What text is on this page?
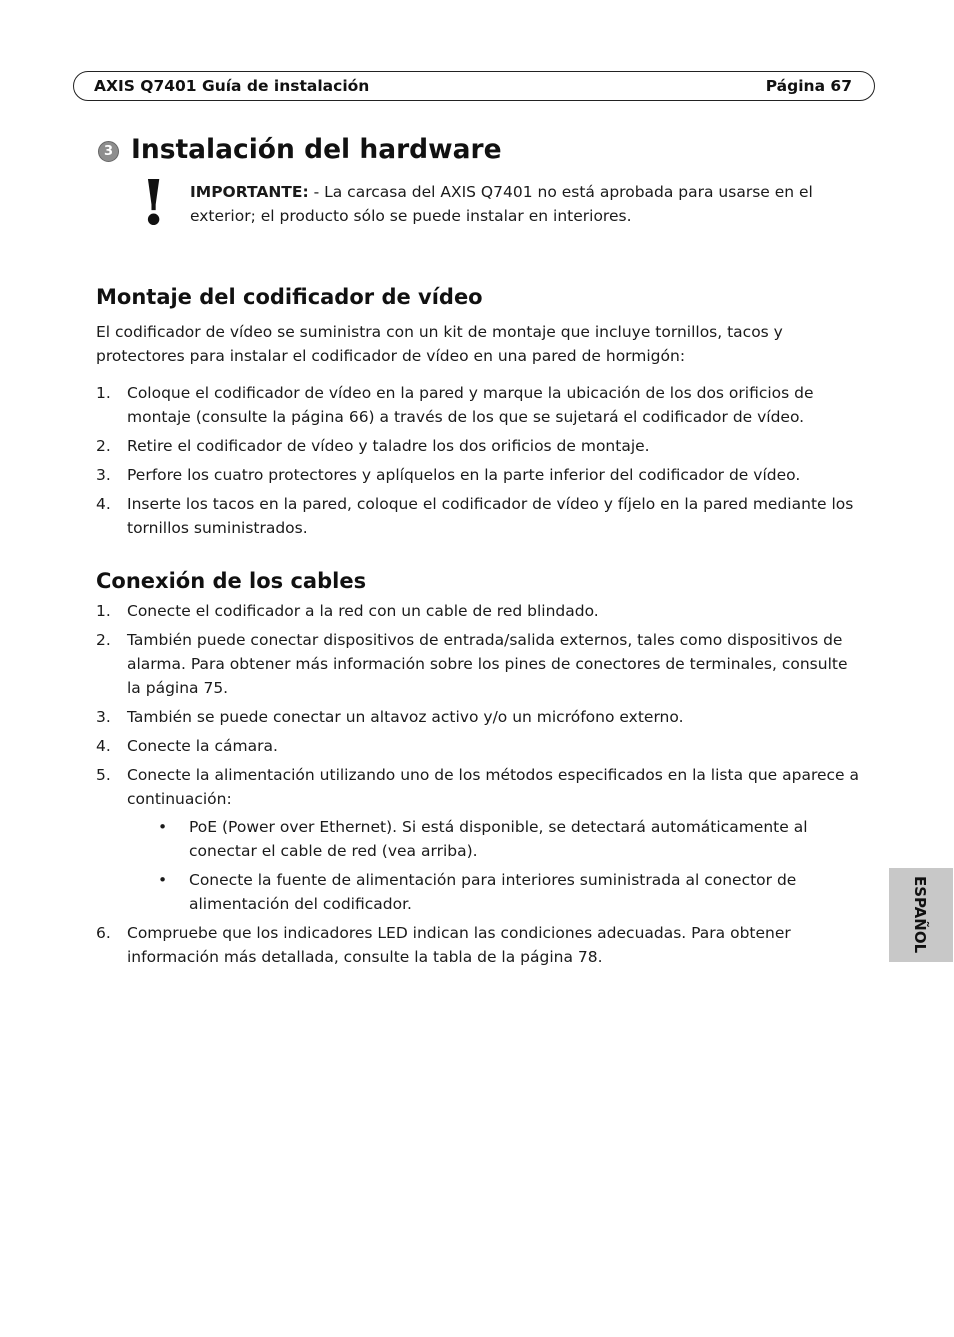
AXIS Q7401 Guía de instalación	Página 67
3 Instalación del hardware
! IMPORTANTE: - La carcasa del AXIS Q7401 no está aprobada para usarse en el exterior; el producto sólo se puede instalar en interiores.
Montaje del codificador de vídeo
El codificador de vídeo se suministra con un kit de montaje que incluye tornillos, tacos y protectores para instalar el codificador de vídeo en una pared de hormigón:
1. Coloque el codificador de vídeo en la pared y marque la ubicación de los dos orificios de montaje (consulte la página 66) a través de los que se sujetará el codificador de vídeo.
2. Retire el codificador de vídeo y taladre los dos orificios de montaje.
3. Perfore los cuatro protectores y aplíquelos en la parte inferior del codificador de vídeo.
4. Inserte los tacos en la pared, coloque el codificador de vídeo y fíjelo en la pared mediante los tornillos suministrados.
Conexión de los cables
1. Conecte el codificador a la red con un cable de red blindado.
2. También puede conectar dispositivos de entrada/salida externos, tales como dispositivos de alarma. Para obtener más información sobre los pines de conectores de terminales, consulte la página 75.
3. También se puede conectar un altavoz activo y/o un micrófono externo.
4. Conecte la cámara.
5. Conecte la alimentación utilizando uno de los métodos especificados en la lista que aparece a continuación:
• PoE (Power over Ethernet). Si está disponible, se detectará automáticamente al conectar el cable de red (vea arriba).
• Conecte la fuente de alimentación para interiores suministrada al conector de alimentación del codificador.
6. Compruebe que los indicadores LED indican las condiciones adecuadas. Para obtener información más detallada, consulte la tabla de la página 78.
ESPAÑOL
